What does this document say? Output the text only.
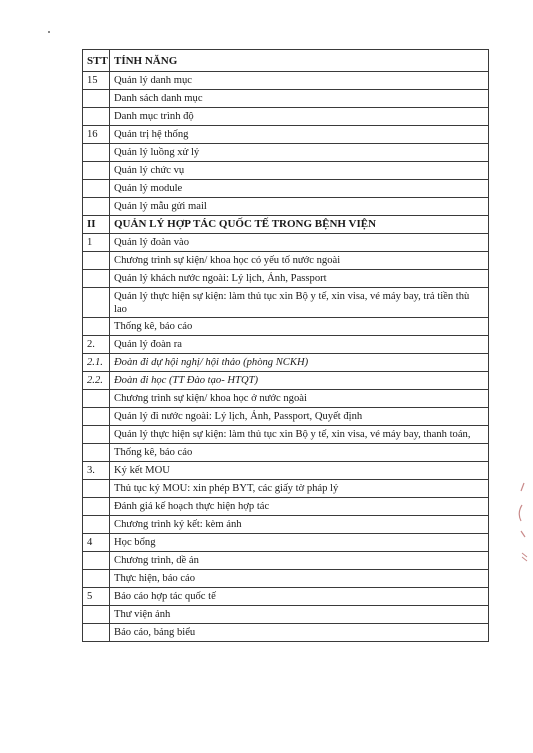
STT	TÍNH NĂNG
15	Quản lý danh mục
	Danh sách danh mục
	Danh mục trình độ
16	Quản trị hệ thống
	Quản lý luồng xử lý
	Quản lý chức vụ
	Quản lý module
	Quản lý mẫu gửi mail
II	QUẢN LÝ HỢP TÁC QUỐC TẾ TRONG BỆNH VIỆN
1	Quản lý đoàn vào
	Chương trình sự kiện/ khoa học có yếu tố nước ngoài
	Quản lý khách nước ngoài: Lý lịch, Ảnh, Passport
	Quản lý thực hiện sự kiện: làm thủ tục xin Bộ y tế, xin visa, vé máy bay, trả tiền thù lao
	Thống kê, báo cáo
2.	Quản lý đoàn ra
2.1.	Đoàn đi dự hội nghị/ hội thảo (phòng NCKH)
2.2.	Đoàn đi học (TT Đào tạo- HTQT)
	Chương trình sự kiện/ khoa học ở nước ngoài
	Quản lý đi nước ngoài: Lý lịch, Ảnh, Passport, Quyết định
	Quản lý thực hiện sự kiện: làm thủ tục xin Bộ y tế, xin visa, vé máy bay, thanh toán,
	Thống kê, báo cáo
3.	Ký kết MOU
	Thủ tục ký MOU: xin phép BYT, các giấy tờ pháp lý
	Đánh giá kế hoạch thực hiện hợp tác
	Chương trình ký kết: kèm ảnh
4	Học bổng
	Chương trình, dề án
	Thực hiện, báo cáo
5	Báo cáo hợp tác quốc tế
	Thư viện ảnh
	Báo cáo, bảng biểu
